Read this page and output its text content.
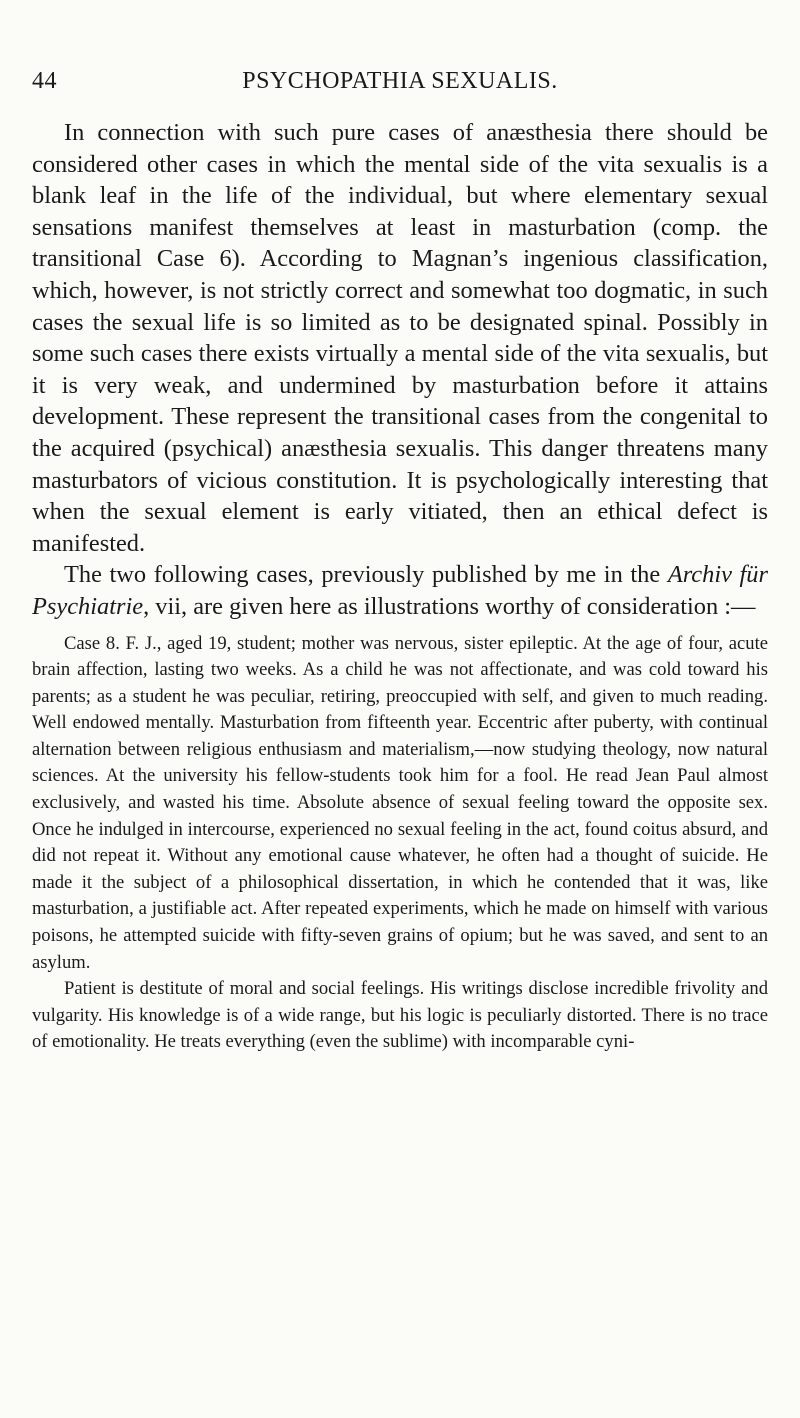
44	PSYCHOPATHIA SEXUALIS.

In connection with such pure cases of anæsthesia there should be considered other cases in which the mental side of the vita sexualis is a blank leaf in the life of the individual, but where elementary sexual sensations manifest themselves at least in masturbation (comp. the transitional Case 6). According to Magnan’s ingenious classification, which, however, is not strictly correct and somewhat too dogmatic, in such cases the sexual life is so limited as to be designated spinal. Possibly in some such cases there exists virtually a mental side of the vita sexualis, but it is very weak, and undermined by masturbation before it attains development. These represent the transitional cases from the congenital to the acquired (psychical) anæsthesia sexualis. This danger threatens many masturbators of vicious constitution. It is psychologically interesting that when the sexual element is early vitiated, then an ethical defect is manifested.

The two following cases, previously published by me in the Archiv für Psychiatrie, vii, are given here as illustrations worthy of consideration :—

Case 8. F. J., aged 19, student; mother was nervous, sister epileptic. At the age of four, acute brain affection, lasting two weeks. As a child he was not affectionate, and was cold toward his parents; as a student he was peculiar, retiring, preoccupied with self, and given to much reading. Well endowed mentally. Masturbation from fifteenth year. Eccentric after puberty, with continual alternation between religious enthusiasm and materialism,—now studying theology, now natural sciences. At the university his fellow-students took him for a fool. He read Jean Paul almost exclusively, and wasted his time. Absolute absence of sexual feeling toward the opposite sex. Once he indulged in intercourse, experienced no sexual feeling in the act, found coitus absurd, and did not repeat it. Without any emotional cause whatever, he often had a thought of suicide. He made it the subject of a philosophical dissertation, in which he contended that it was, like masturbation, a justifiable act. After repeated experiments, which he made on himself with various poisons, he attempted suicide with fifty-seven grains of opium; but he was saved, and sent to an asylum.

Patient is destitute of moral and social feelings. His writings disclose incredible frivolity and vulgarity. His knowledge is of a wide range, but his logic is peculiarly distorted. There is no trace of emotionality. He treats everything (even the sublime) with incomparable cyni-
